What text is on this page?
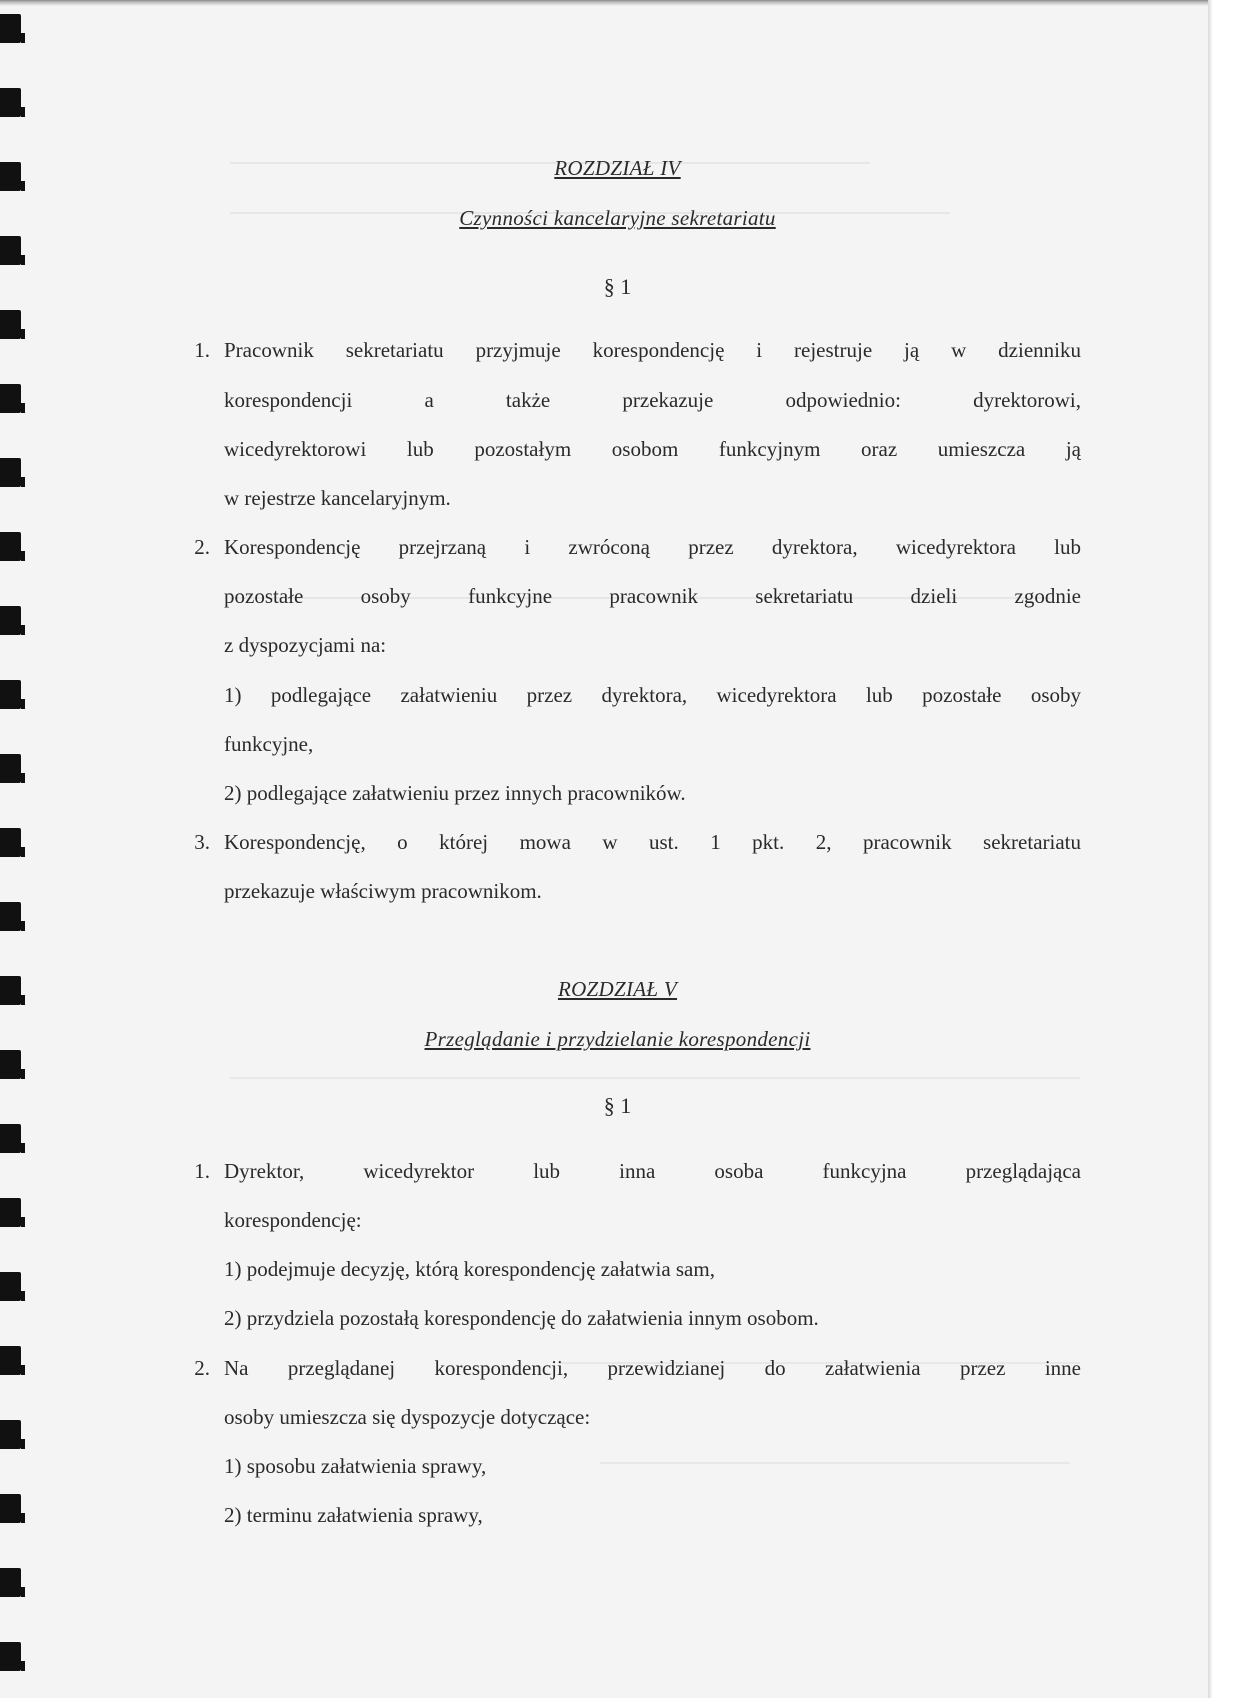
ROZDZIAŁ IV
Czynności kancelaryjne sekretariatu
§ 1
1. Pracownik sekretariatu przyjmuje korespondencję i rejestruje ją w dzienniku
korespondencji a także przekazuje odpowiednio: dyrektorowi,
wicedyrektorowi lub pozostałym osobom funkcyjnym oraz umieszcza ją
w rejestrze kancelaryjnym.
2. Korespondencję przejrzaną i zwróconą przez dyrektora, wicedyrektora lub
pozostałe osoby funkcyjne pracownik sekretariatu dzieli zgodnie
z dyspozycjami na:
1) podlegające załatwieniu przez dyrektora, wicedyrektora lub pozostałe osoby
funkcyjne,
2) podlegające załatwieniu przez innych pracowników.
3. Korespondencję, o której mowa w ust. 1 pkt. 2, pracownik sekretariatu
przekazuje właściwym pracownikom.
ROZDZIAŁ V
Przeglądanie i przydzielanie korespondencji
§ 1
1. Dyrektor, wicedyrektor lub inna osoba funkcyjna przeglądająca
korespondencję:
1) podejmuje decyzję, którą korespondencję załatwia sam,
2) przydziela pozostałą korespondencję do załatwienia innym osobom.
2. Na przeglądanej korespondencji, przewidzianej do załatwienia przez inne
osoby umieszcza się dyspozycje dotyczące:
1) sposobu załatwienia sprawy,
2) terminu załatwienia sprawy,
